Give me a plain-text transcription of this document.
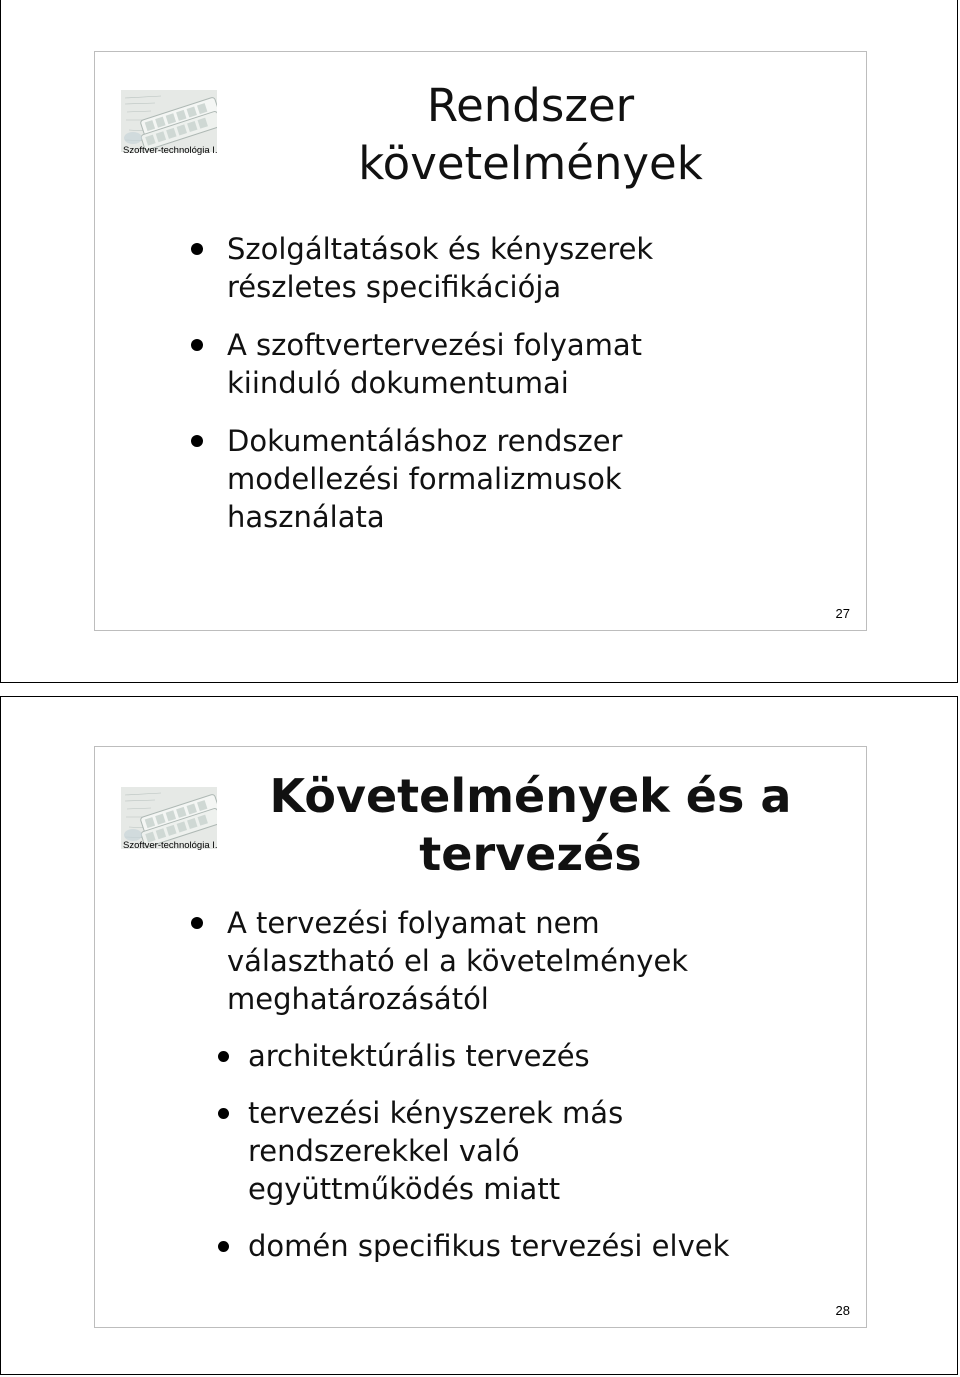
Szoftver-technológia I.
Rendszer
követelmények
Szolgáltatások és kényszerek
részletes specifikációja
A szoftvertervezési folyamat
kiinduló dokumentumai
Dokumentáláshoz rendszer
modellezési formalizmusok
használata
27
Szoftver-technológia I.
Követelmények és a
tervezés
A tervezési folyamat nem
választható el a követelmények
meghatározásától
architektúrális tervezés
tervezési kényszerek más
rendszerekkel való
együttműködés miatt
domén specifikus tervezési elvek
28
